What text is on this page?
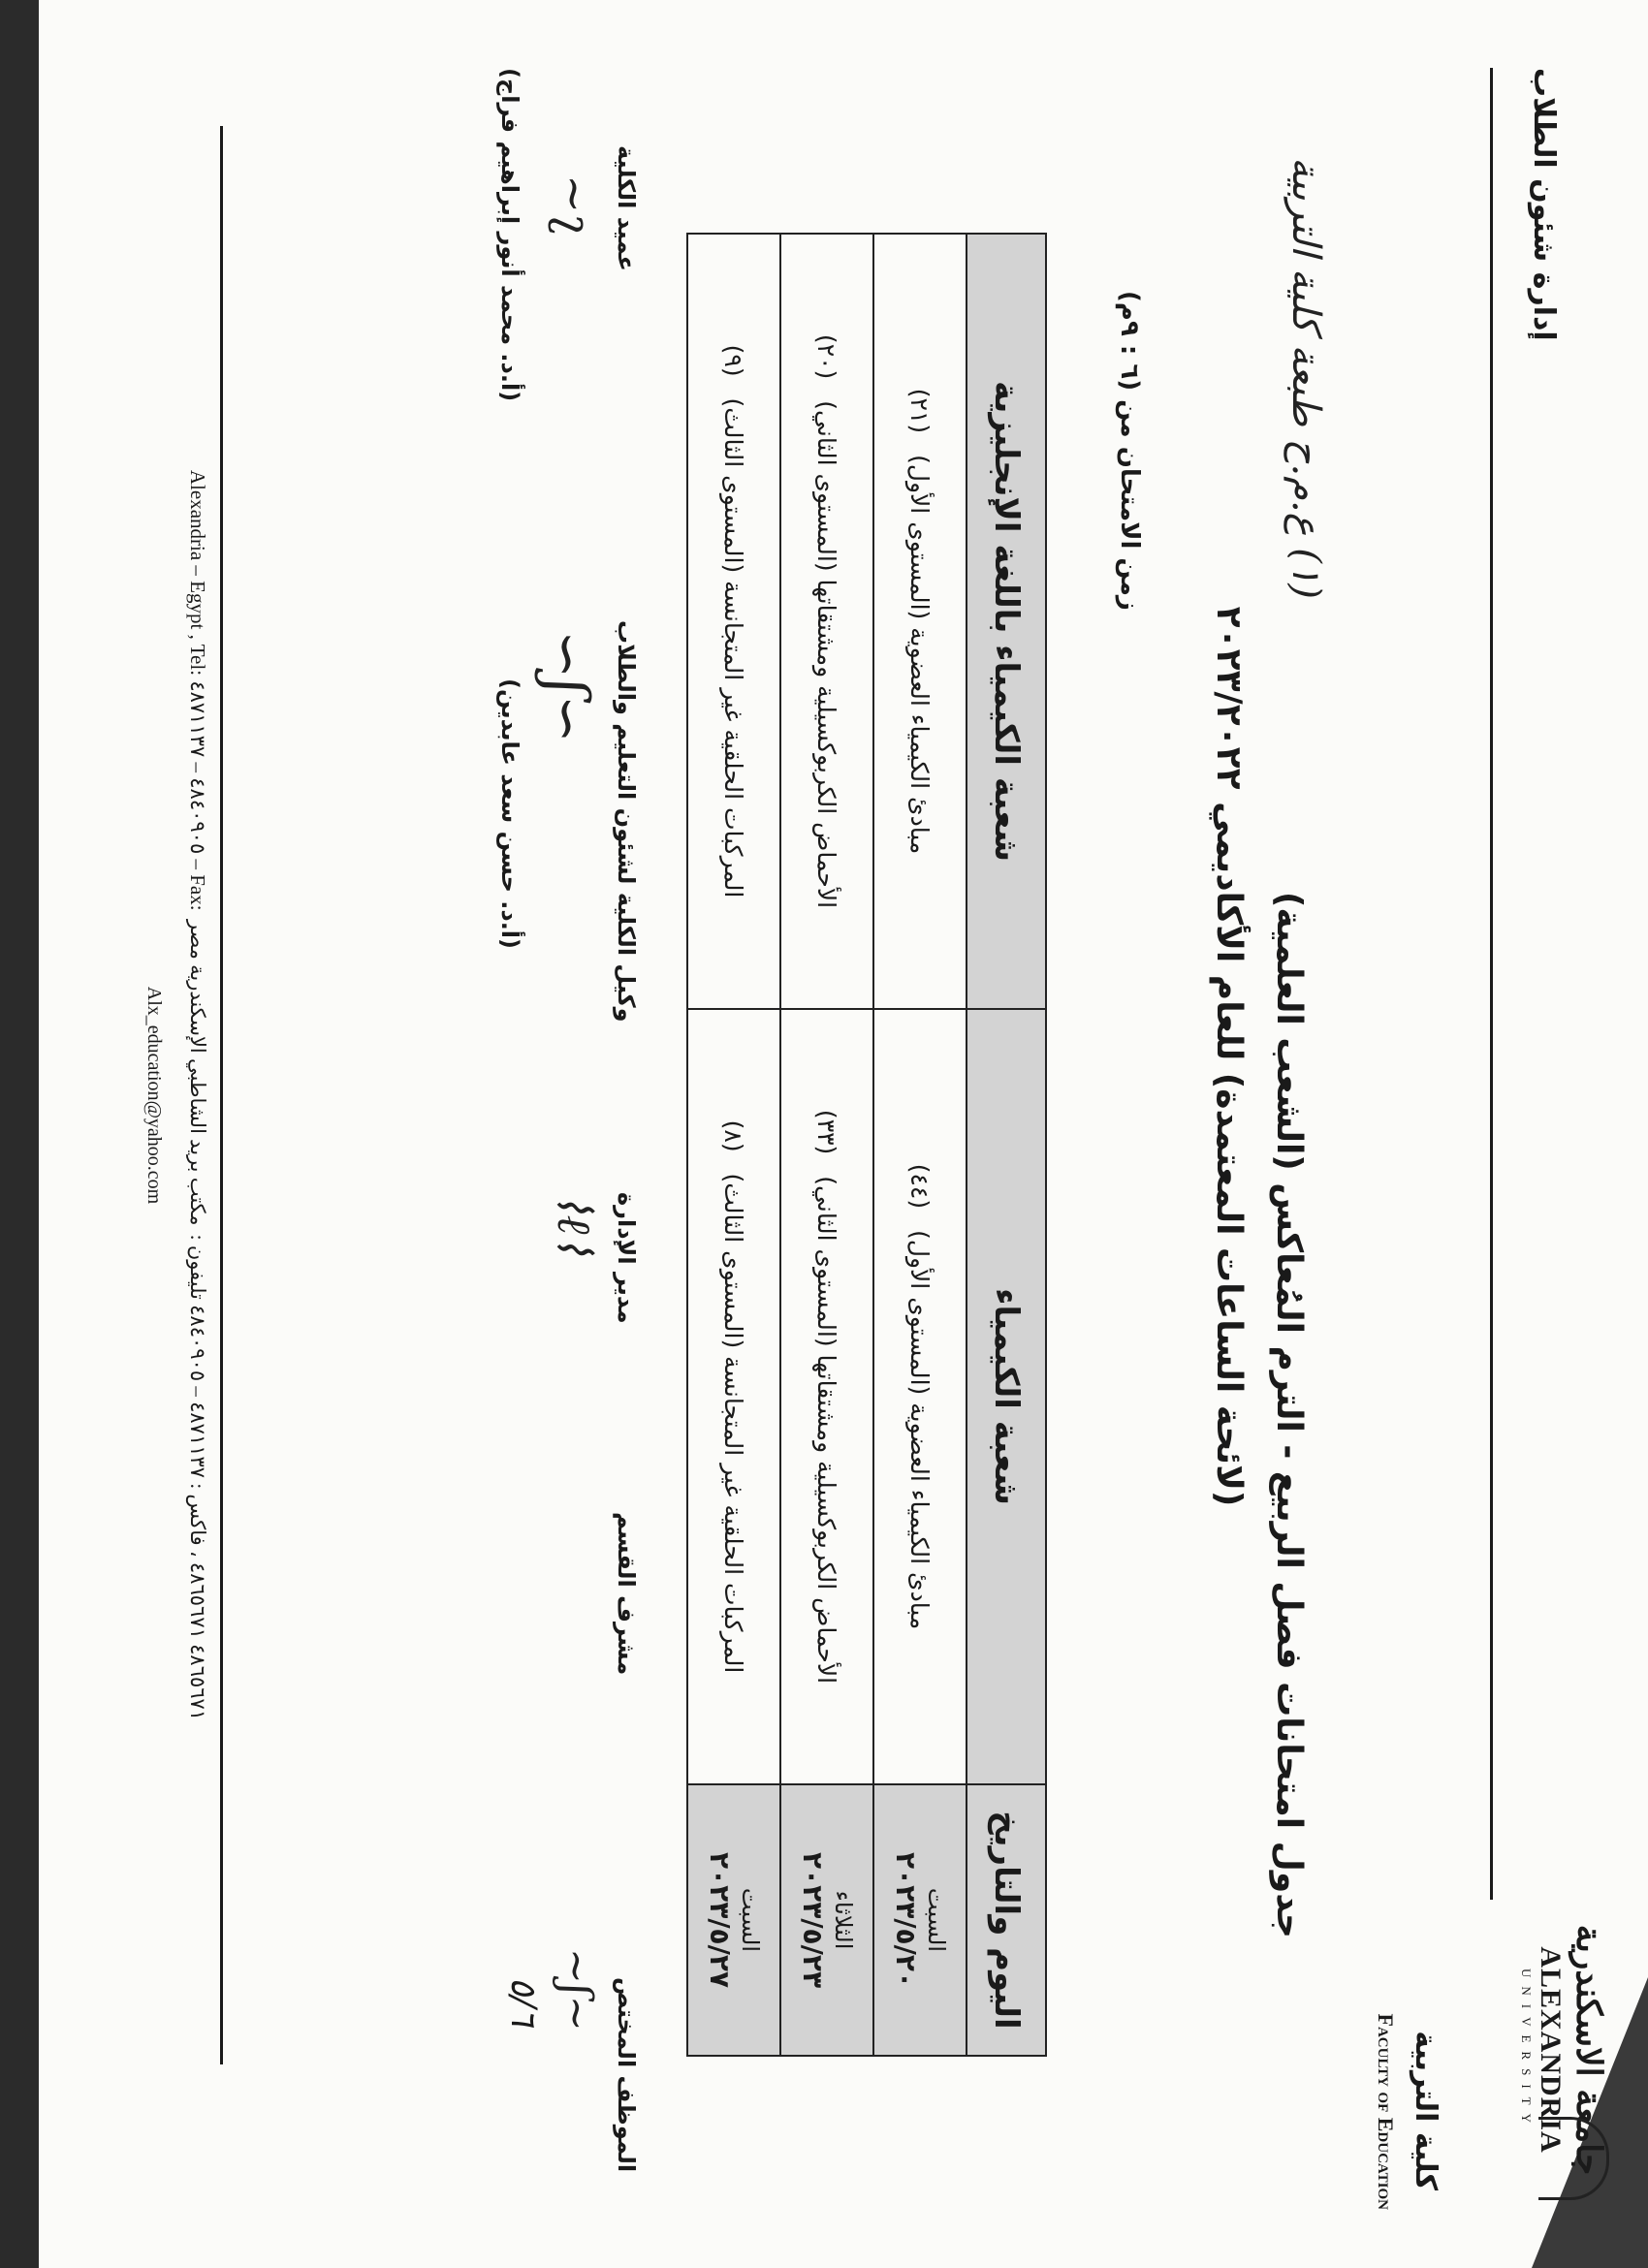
جامعة الاسكندرية
ALEXANDRIA
UNIVERSITY
كلية التربية
Faculty of Education
إدارة شئون الطلاب
جدول امتحانات فصل الربيع - الترم المُعاكس (الشعب العلمية)
(لائحة الساعات المعتمدة) للعام الأكاديمي ٢٠٢٣/٢٠٢٢
(١) ع.م.ح طبعة كلية التربية
زمن الامتحان من (٦ : ٩م)
اليوم والتاريخ	شعبة الكيمياء	شعبة الكيمياء باللغة الإنجليزية

السبت
٢٠٢٣/٥/٢٠	مبادئ الكيمياء العضوية (المستوى الأول) (٤٤)	مبادئ الكيمياء العضوية (المستوى الأول) (٢١)

الثلاثاء
٢٠٢٣/٥/٢٣	الأحماض الكربوكسيلية ومشتقاتها (المستوى الثاني) (٣٣)	الأحماض الكربوكسيلية ومشتقاتها (المستوى الثاني) (٢٠)

السبت
٢٠٢٣/٥/٢٧	المركبات الحلقية غير المتجانسة (المستوى الثالث) (٨)	المركبات الحلقية غير المتجانسة (المستوى الثالث) (٩)
الموظف المختص
~ʃ~
٥/٦
مشرف القسم
مدير الإدارة
⌇ℓ⌇
وكيل الكلية لشئون التعليم والطلاب
∽ʃ∽
(أ.د. حسن سعد عابدين)
عميد الكلية
~ʅ
(أ.د. محمد أنور إبراهيم فراج)
Alexandria – Egypt , Tel: ٤٨٤٠٩٠٥ – ٤٨٧١١٣٧ – Fax: ٤٨٦٥٦٧١ ٤٨٦٥٦٧١ ، فاكس : ٤٨٧١١٣٧ – ٤٨٤٠٩٠٥ تليفون : مكتب بريد الشاطبي الإسكندرية مصر
Alx_education@yahoo.com
